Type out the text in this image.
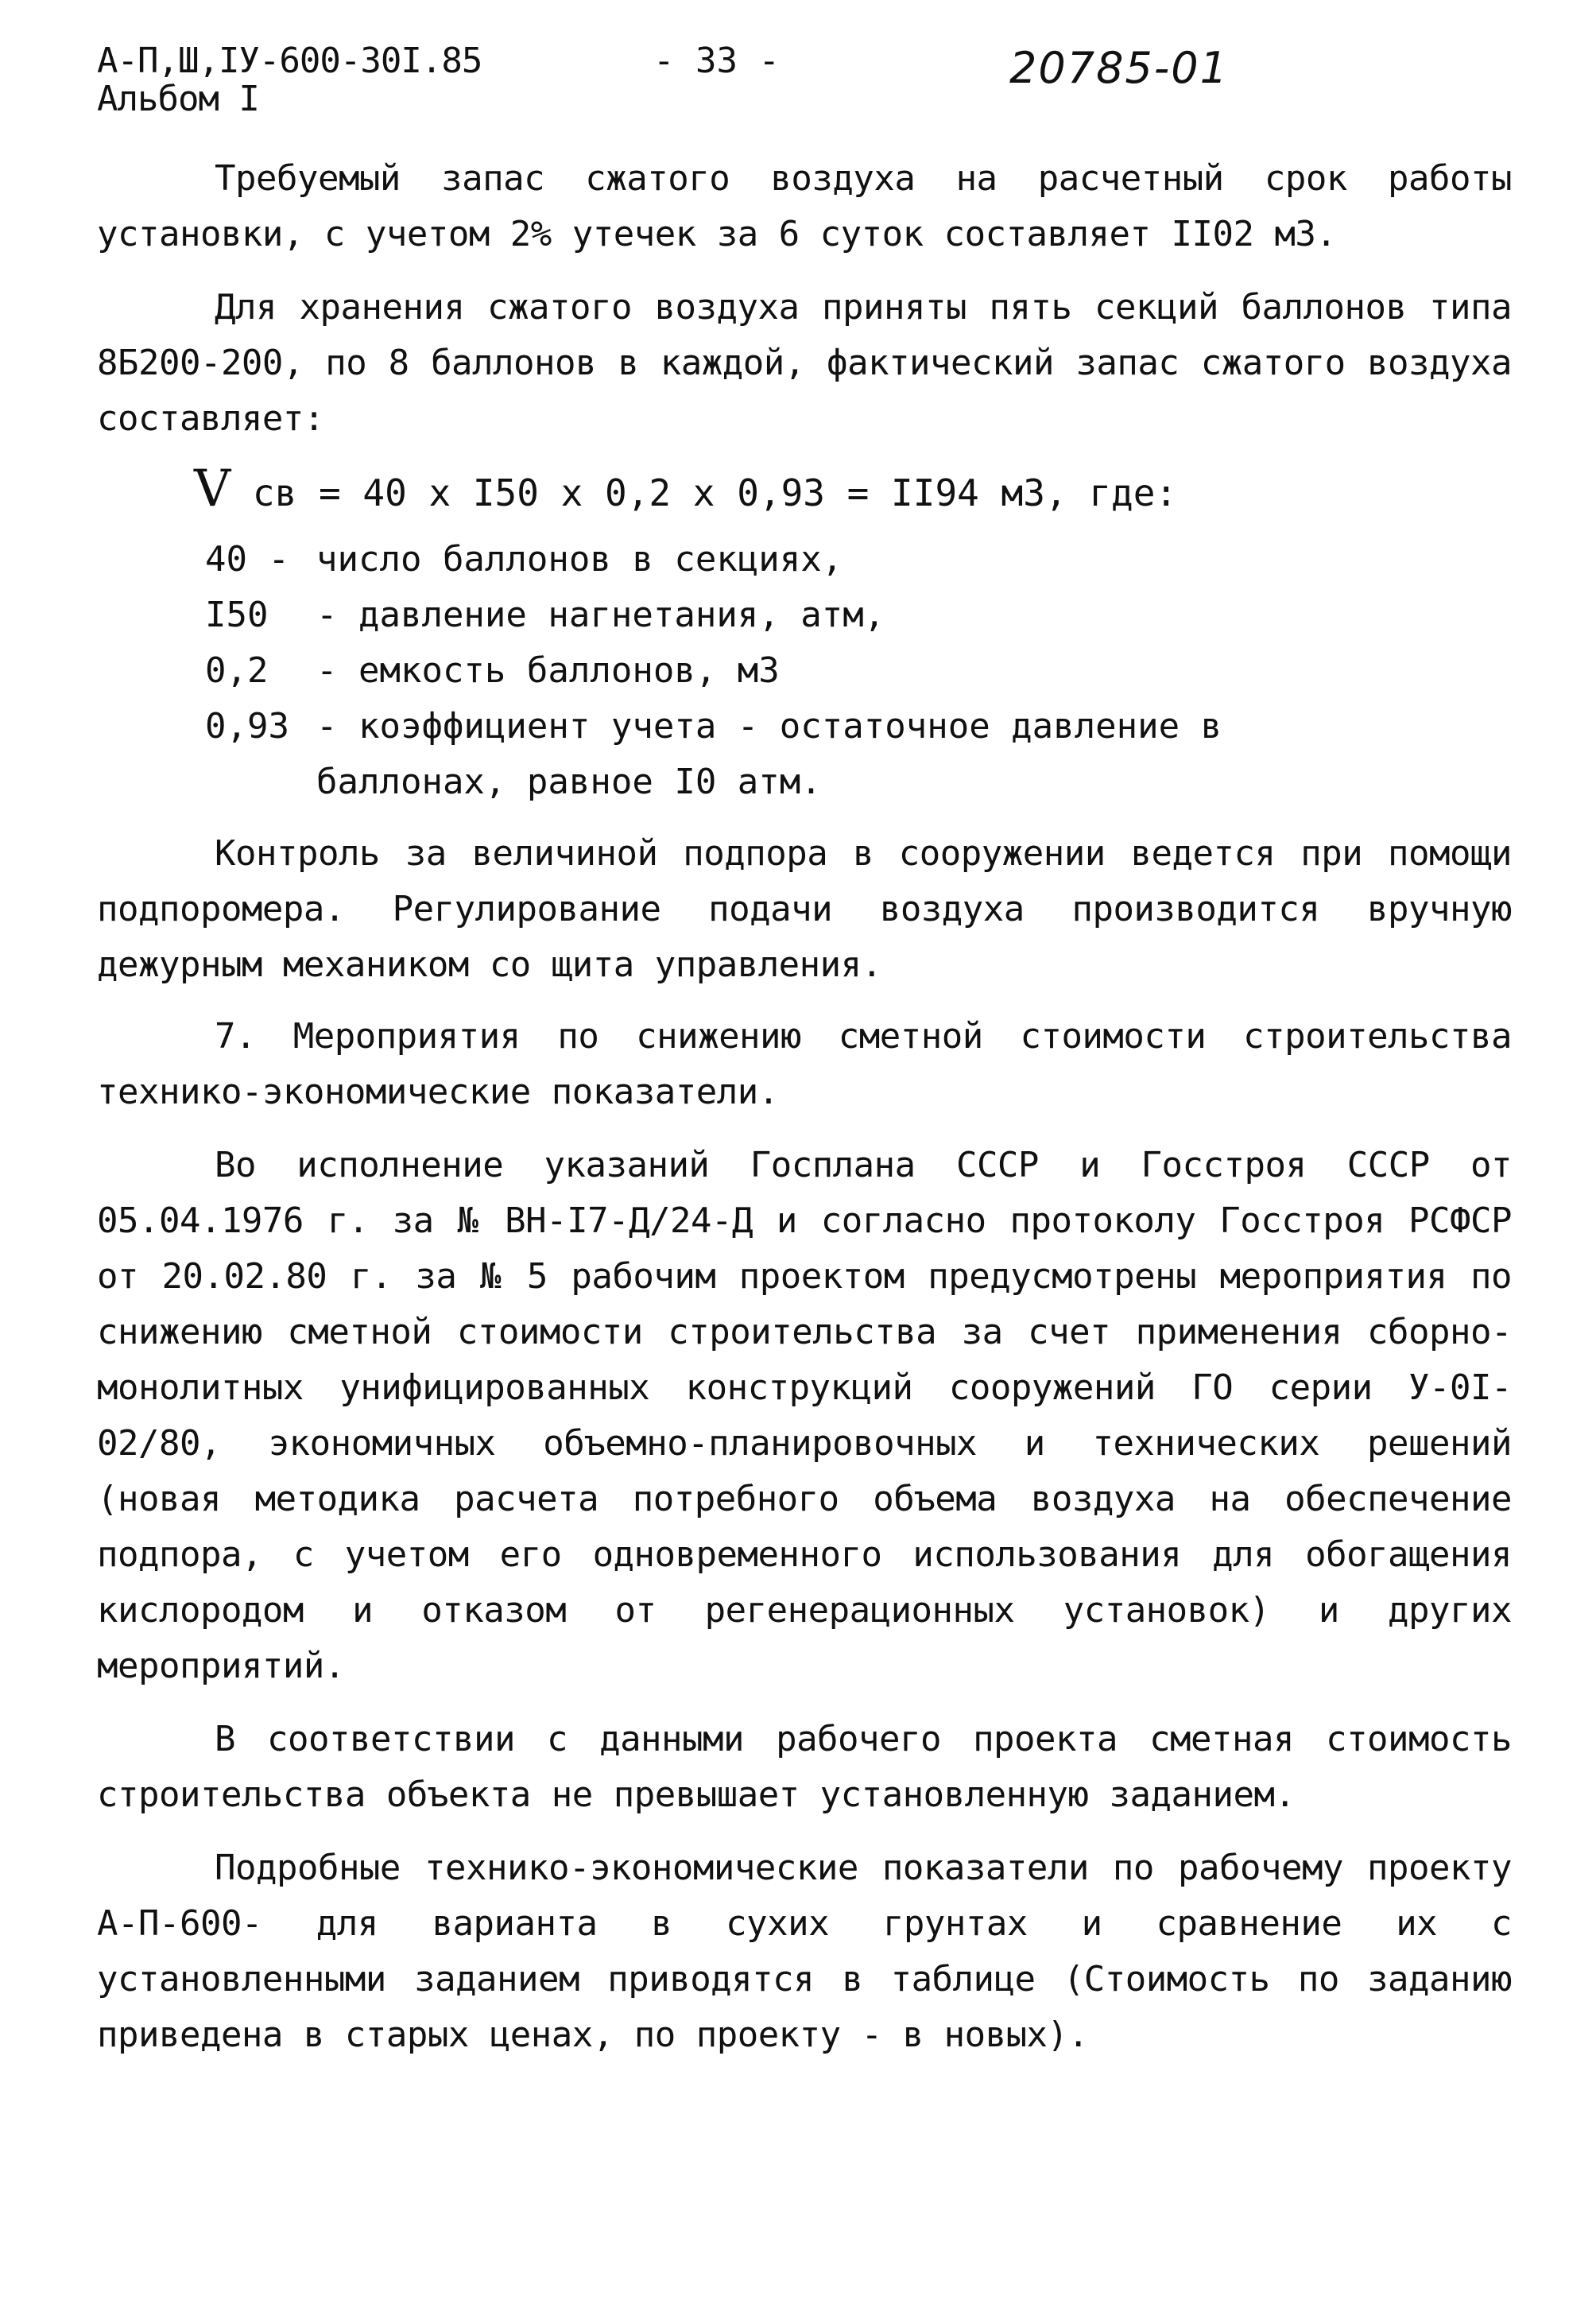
А-П,Ш,IУ-600-30I.85
Альбом I
- 33 -	20785-01

Требуемый запас сжатого воздуха на расчетный срок работы установки, с учетом 2% утечек за 6 суток составляет II02 м3.

Для хранения сжатого воздуха приняты пять секций баллонов типа 8Б200-200, по 8 баллонов в каждой, фактический запас сжатого воздуха составляет:

V св = 40 x I50 x 0,2 x 0,93 = II94 м3, где:
40 - число баллонов в секциях,
I50	- давление нагнетания, атм,
0,2	- емкость баллонов, м3
0,93 - коэффициент учета - остаточное давление в баллонах, равное I0 атм.

Контроль за величиной подпора в сооружении ведется при помощи подпоромера. Регулирование подачи воздуха производится вручную дежурным механиком со щита управления.

7. Мероприятия по снижению сметной стоимости строительства технико-экономические показатели.

Во исполнение указаний Госплана СССР и Госстроя СССР от 05.04.1976 г. за № ВН-I7-Д/24-Д и согласно протоколу Госстроя РСФСР от 20.02.80 г. за № 5 рабочим проектом предусмотрены мероприятия по снижению сметной стоимости строительства за счет применения сборно-монолитных унифицированных конструкций сооружений ГО серии У-0I-02/80, экономичных объемно-планировочных и технических решений (новая методика расчета потребного объема воздуха на обеспечение подпора, с учетом его одновременного использования для обогащения кислородом и отказом от регенерационных установок) и других мероприятий.

В соответствии с данными рабочего проекта сметная стоимость строительства объекта не превышает установленную заданием.

Подробные технико-экономические показатели по рабочему проекту А-П-600- для варианта в сухих грунтах и сравнение их с установленными заданием приводятся в таблице (Стоимость по заданию приведена в старых ценах, по проекту - в новых).
